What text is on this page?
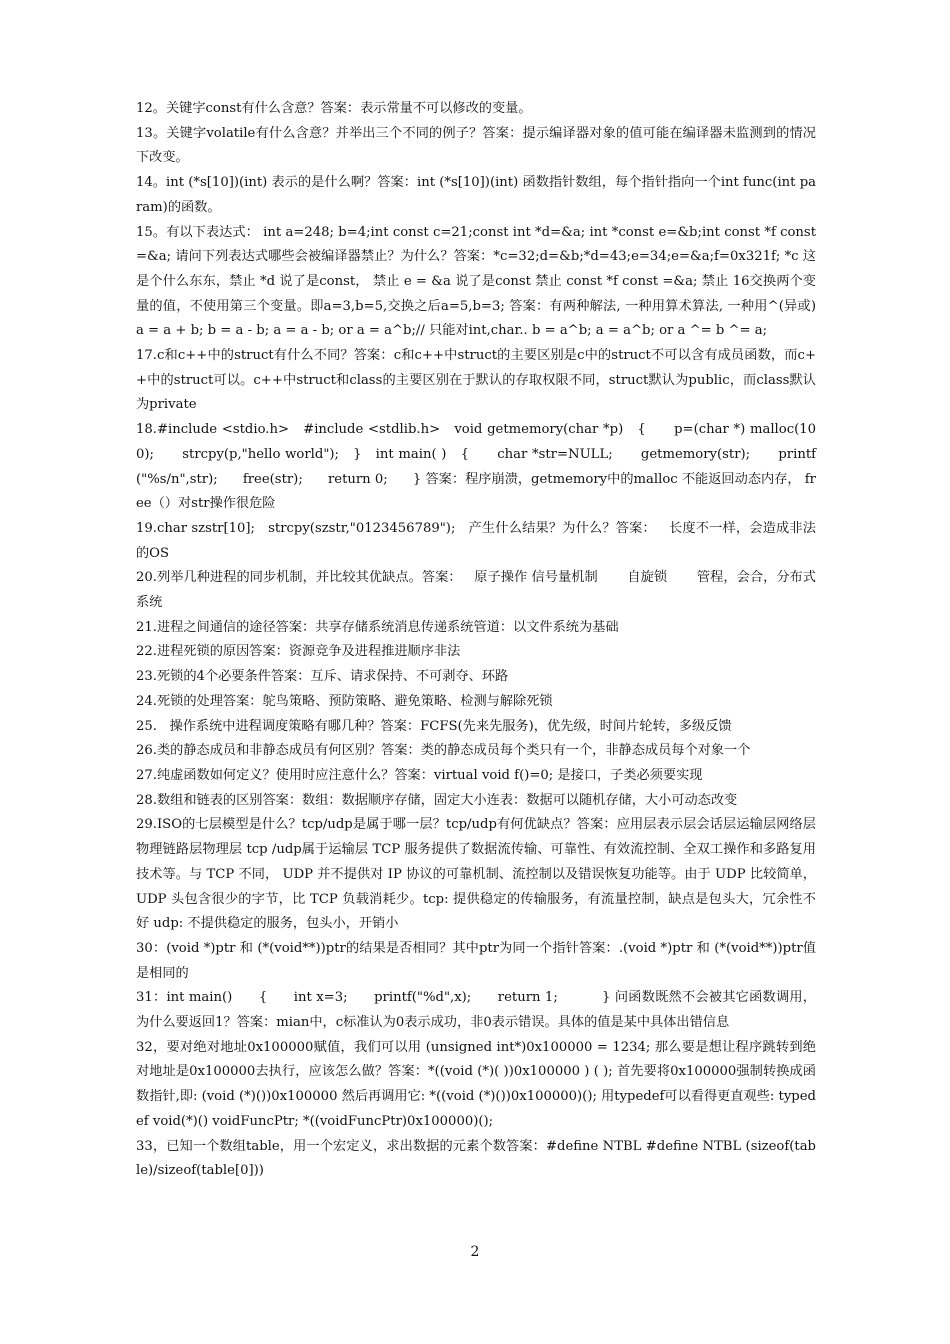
12。关键字const有什么含意？答案：表示常量不可以修改的变量。

13。关键字volatile有什么含意？并举出三个不同的例子？答案：提示编译器对象的值可能在编译器未监测到的情况下改变。

14。int (*s[10])(int) 表示的是什么啊？答案：int (*s[10])(int) 函数指针数组，每个指针指向一个int func(int param)的函数。

15。有以下表达式： int a=248; b=4;int const c=21;const int *d=&a; int *const e=&b;int const *f const =&a; 请问下列表达式哪些会被编译器禁止？为什么？答案：*c=32;d=&b;*d=43;e=34;e=&a;f=0x321f; *c 这是个什么东东，禁止 *d 说了是const， 禁止 e = &a 说了是const 禁止 const *f const =&a; 禁止 16交换两个变量的值，不使用第三个变量。即a=3,b=5,交换之后a=5,b=3; 答案：有两种解法, 一种用算术算法, 一种用^(异或) a = a + b; b = a - b; a = a - b; or a = a^b;// 只能对int,char.. b = a^b; a = a^b; or a ^= b ^= a;

17.c和c++中的struct有什么不同？答案：c和c++中struct的主要区别是c中的struct不可以含有成员函数，而c++中的struct可以。c++中struct和class的主要区别在于默认的存取权限不同，struct默认为public，而class默认为private

18.#include <stdio.h>   #include <stdlib.h>   void getmemory(char *p)   {      p=(char *) malloc(100);      strcpy(p,"hello world");   }   int main( )   {      char *str=NULL;      getmemory(str);      printf("%s/n",str);      free(str);      return 0;      } 答案：程序崩溃，getmemory中的malloc 不能返回动态内存， free（）对str操作很危险

19.char szstr[10];   strcpy(szstr,"0123456789");   产生什么结果？为什么？答案：   长度不一样，会造成非法的OS

20.列举几种进程的同步机制，并比较其优缺点。答案：   原子操作 信号量机制       自旋锁       管程，会合，分布式系统

21.进程之间通信的途径答案：共享存储系统消息传递系统管道：以文件系统为基础

22.进程死锁的原因答案：资源竞争及进程推进顺序非法

23.死锁的4个必要条件答案：互斥、请求保持、不可剥夺、环路

24.死锁的处理答案：鸵鸟策略、预防策略、避免策略、检测与解除死锁

25.   操作系统中进程调度策略有哪几种？答案：FCFS(先来先服务)，优先级，时间片轮转，多级反馈

26.类的静态成员和非静态成员有何区别？答案：类的静态成员每个类只有一个，非静态成员每个对象一个

27.纯虚函数如何定义？使用时应注意什么？答案：virtual void f()=0; 是接口，子类必须要实现

28.数组和链表的区别答案：数组：数据顺序存储，固定大小连表：数据可以随机存储，大小可动态改变

29.ISO的七层模型是什么？tcp/udp是属于哪一层？tcp/udp有何优缺点？答案：应用层表示层会话层运输层网络层物理链路层物理层 tcp /udp属于运输层 TCP 服务提供了数据流传输、可靠性、有效流控制、全双工操作和多路复用技术等。与 TCP 不同， UDP 并不提供对 IP 协议的可靠机制、流控制以及错误恢复功能等。由于 UDP 比较简单， UDP 头包含很少的字节，比 TCP 负载消耗少。tcp: 提供稳定的传输服务，有流量控制，缺点是包头大，冗余性不好 udp: 不提供稳定的服务，包头小，开销小

30：(void *)ptr 和 (*(void**))ptr的结果是否相同？其中ptr为同一个指针答案：.(void *)ptr 和 (*(void**))ptr值是相同的

31：int main()      {      int x=3;      printf("%d",x);      return 1;          } 问函数既然不会被其它函数调用，为什么要返回1？答案：mian中，c标准认为0表示成功，非0表示错误。具体的值是某中具体出错信息

32，要对绝对地址0x100000赋值，我们可以用 (unsigned int*)0x100000 = 1234; 那么要是想让程序跳转到绝对地址是0x100000去执行，应该怎么做？答案：*((void (*)( ))0x100000 ) ( ); 首先要将0x100000强制转换成函数指针,即: (void (*)())0x100000 然后再调用它: *((void (*)())0x100000)(); 用typedef可以看得更直观些: typedef void(*)() voidFuncPtr; *((voidFuncPtr)0x100000)();

33，已知一个数组table，用一个宏定义，求出数据的元素个数答案：#define NTBL #define NTBL (sizeof(table)/sizeof(table[0]))

2
